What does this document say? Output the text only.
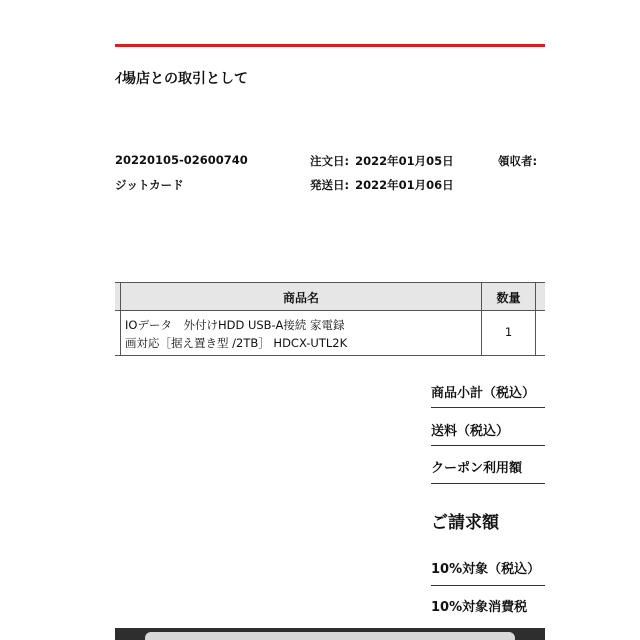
ｲ場店との取引として
20220105-02600740
ジットカード
注文日: 2022年01月05日
発送日: 2022年01月06日
領収者:
商品名	数量
IOデータ　外付けHDD USB-A接続 家電録
画対応［据え置き型 /2TB］ HDCX-UTL2K
1
商品小計（税込）
送料（税込）
クーポン利用額
ご請求額
10%対象（税込）
10%対象消費税
